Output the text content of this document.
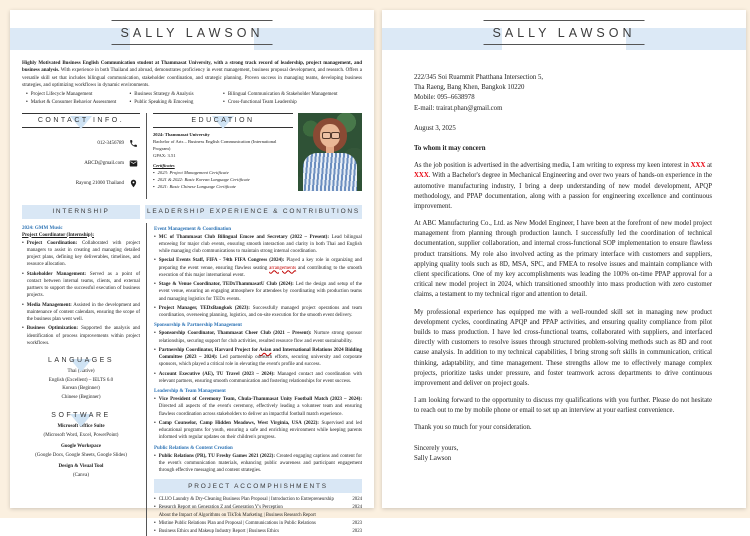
SALLY LAWSON

Highly Motivated Business English Communication student at Thammasat University, with a strong track record of leadership, project management, and business analysis. With experience in both Thailand and abroad, demonstrates proficiency in event management, business proposal development, and research. Offers a versatile skill set that includes bilingual communication, stakeholder coordination, and strategic planning. Proven success in managing teams, developing business strategies, and optimizing workflows in dynamic environments.

• Project Lifecycle Management
• Market & Consumer Behavior Assessment
• Business Strategy & Analysis
• Public Speaking & Emceeing
• Bilingual Communication & Stakeholder Management
• Cross-functional Team Leadership
CONTACT INFO.
012-3456789
ABCD@gmail.com
Rayong 21000 Thailand
EDUCATION
2024: Thammasat University
Bachelor of Arts – Business English Communication (International Program)
GPAX: 3.51
Certificates
• 2023: Project Management Certificate
• 2021 & 2022: Basic Korean Language Certificate
• 2021: Basic Chinese Language Certificate
INTERNSHIP	LEADERSHIP EXPERIENCE & CONTRIBUTIONS
2024: GMM Music
Project Coordinator (Internship):
• Project Coordination: Collaborated with project managers to assist in creating and managing detailed project plans, defining key deliverables, timelines, and resource allocation.
• Stakeholder Management: Served as a point of contact between internal teams, clients, and external partners to support the successful execution of business projects.
• Media Management: Assisted in the development and maintenance of content calendars, ensuring the scope of the business plan went well.
• Business Optimization: Supported the analysis and identification of process improvements within project workflows.
LANGUAGES
Thai (Native)
English (Excellent) – IELTS 6.0
Korean (Beginner)
Chinese (Beginner)
SOFTWARE
Microsoft Office Suite
(Microsoft Word, Excel, PowerPoint)
Google Workspace
(Google Docs, Google Sheets, Google Slides)
Design & Visual Tool
(Canva)
Event Management & Coordination
• MC of Thammasat Club Bilingual Emcee and Secretary (2022 – Present): Lead bilingual emceeing for major club events, ensuring smooth interaction and clarity in both Thai and English while managing club communications to maintain strong internal coordination.
• Special Events Staff, FIFA - 74th FIFA Congress (2024): Played a key role in organizing and preparing the event venue, ensuring flawless seating arrangements and contributing to the smooth execution of this major international event.
• Stage & Venue Coordinator, TEDxThammasatU Club (2024): Led the design and setup of the event venue, ensuring an engaging atmosphere for attendees by coordinating with production teams and managing logistics for TEDx events.
• Project Manager, TEDxBangkok (2023): Successfully managed project operations and team coordination, overseeing planning, logistics, and on-site execution for the smooth event delivery.
Sponsorship & Partnership Management
• Sponsorship Coordinator, Thammasat Cheer Club (2021 – Present): Nurture strong sponsor relationships, securing support for club activities, resulted resource flow and event sustainability.
• Partnership Coordinator, Harvard Project for Asian and International Relations 2024 Bidding Committee (2023 – 2024): Led partnership outreach efforts, securing university and corporate sponsors, which played a critical role in elevating the event's profile and success.
• Account Executive (AE), TU Travel (2023 – 2024): Managed contact and coordination with relevant partners, ensuring smooth communication and fostering relationships for event success.
Leadership & Team Management
• Vice President of Ceremony Team, Chula-Thammasat Unity Football Match (2023 – 2024): Directed all aspects of the event's ceremony, effectively leading a volunteer team and ensuring flawless coordination across stakeholders to deliver an impactful football match experience.
• Camp Counselor, Camp Hidden Meadows, West Virginia, USA (2022): Supervised and led educational programs for youth, ensuring a safe and enriching environment while keeping parents informed with regular updates on their children's progress.
Public Relations & Content Creation
• Public Relations (PR), TU Freshy Games 2021 (2022): Created engaging captions and content for the event's communication materials, enhancing public awareness and participant engagement through effective messaging and content strategies.
PROJECT ACCOMPHISHMENTS
• CLUO Laundry & Dry-Cleaning Business Plan Proposal | Introduction to Entrepreneurship	2024
• Research Report on Generation Z and Generation Y's Perception
About the Impact of Algorithms on TikTok Marketing | Business Research Report
2024
• Mistine Public Relations Plan and Proposal | Communications in Public Relations	2023
• Business Ethics and Makeup Industry Report | Business Ethics	2023
SALLY LAWSON
222/345 Soi Ruammit Phatthana Intersection 5,
Tha Raeng, Bang Khen, Bangkok 10220
Mobile: 095–6638978
E-mail: trairat.phan@gmail.com
August 3, 2025
To whom it may concern

As the job position is advertised in the advertising media, I am writing to express my keen interest in XXX at XXX. With a Bachelor's degree in Mechanical Engineering and over two years of hands-on experience in the automotive manufacturing industry, I bring a deep understanding of new model development, APQP methodology, and PPAP documentation, along with a passion for engineering excellence and continuous improvement.

At ABC Manufacturing Co., Ltd. as New Model Engineer, I have been at the forefront of new model project management from planning through production launch. I successfully led the coordination of technical documentation, supplier collaboration, and internal cross-functional SOP implementation to ensure flawless product transitions. My role also involved acting as the primary interface with customers and suppliers, applying quality tools such as 8D, MSA, SPC, and FMEA to resolve issues and maintain compliance with client specifications. One of my key accomplishments was leading the 100% on-time PPAP approval for a critical new model project in 2024, which transitioned smoothly into mass production with zero customer claims, a testament to my technical rigor and attention to detail.

My professional experience has equipped me with a well-rounded skill set in managing new product development cycles, coordinating APQP and PPAP activities, and ensuring quality compliance from pilot builds to mass production. I have led cross-functional teams, collaborated with suppliers, and interfaced directly with customers to resolve issues through structured problem-solving methods such as 8D and root cause analysis. In addition to my technical capabilities, I bring strong soft skills in communication, critical thinking, adaptability, and time management. These strengths allow me to effectively manage complex projects, prioritize tasks under pressure, and foster teamwork across departments to drive continuous improvement and deliver on project goals.

I am looking forward to the opportunity to discuss my qualifications with you further. Please do not hesitate to reach out to me by mobile phone or email to set up an interview at your earliest convenience.

Thank you so much for your consideration.

Sincerely yours,
Sally Lawson
